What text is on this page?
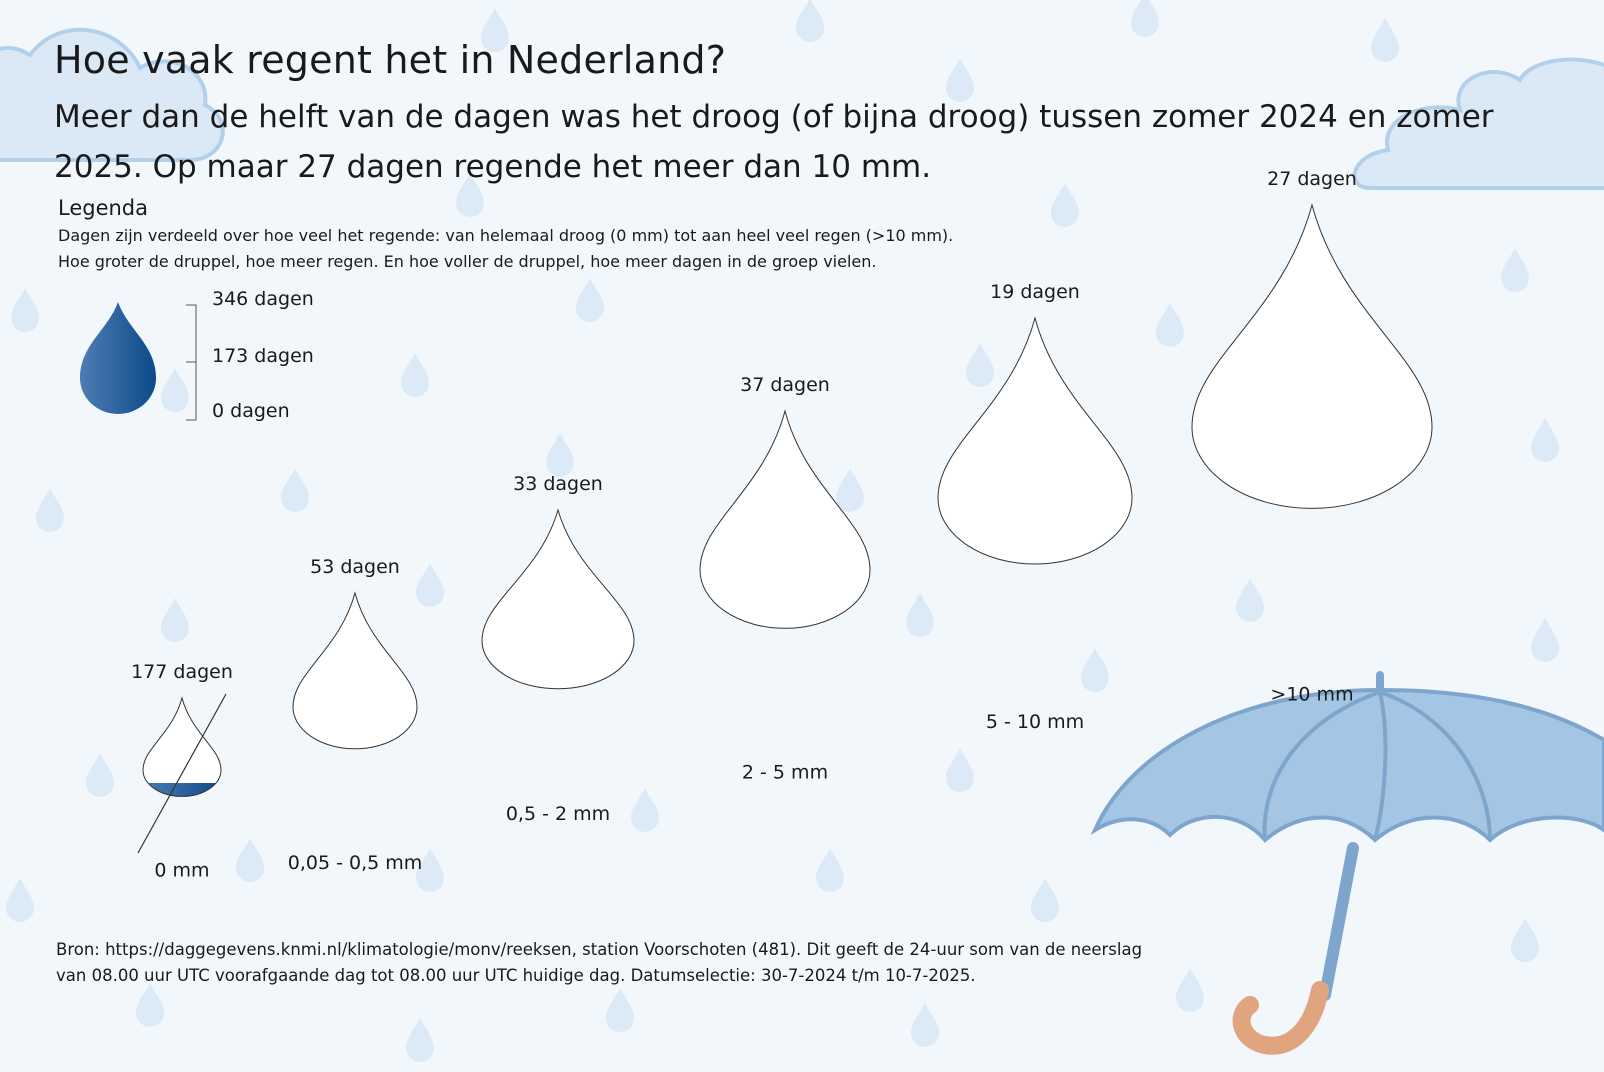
Hoe vaak regent het in Nederland?

Meer dan de helft van de dagen was het droog (of bijna droog) tussen zomer 2024 en zomer 2025. Op maar 27 dagen regende het meer dan 10 mm.

Legenda
Dagen zijn verdeeld over hoe veel het regende: van helemaal droog (0 mm) tot aan heel veel regen (>10 mm).
Hoe groter de druppel, hoe meer regen. En hoe voller de druppel, hoe meer dagen in de groep vielen.
346 dagen
173 dagen
0 dagen
177 dagen
0 mm
53 dagen
0,05 - 0,5 mm
33 dagen
0,5 - 2 mm
37 dagen
2 - 5 mm
19 dagen
5 - 10 mm
27 dagen
>10 mm
Bron: https://daggegevens.knmi.nl/klimatologie/monv/reeksen, station Voorschoten (481). Dit geeft de 24-uur som van de neerslag
van 08.00 uur UTC voorafgaande dag tot 08.00 uur UTC huidige dag. Datumselectie: 30-7-2024 t/m 10-7-2025.
